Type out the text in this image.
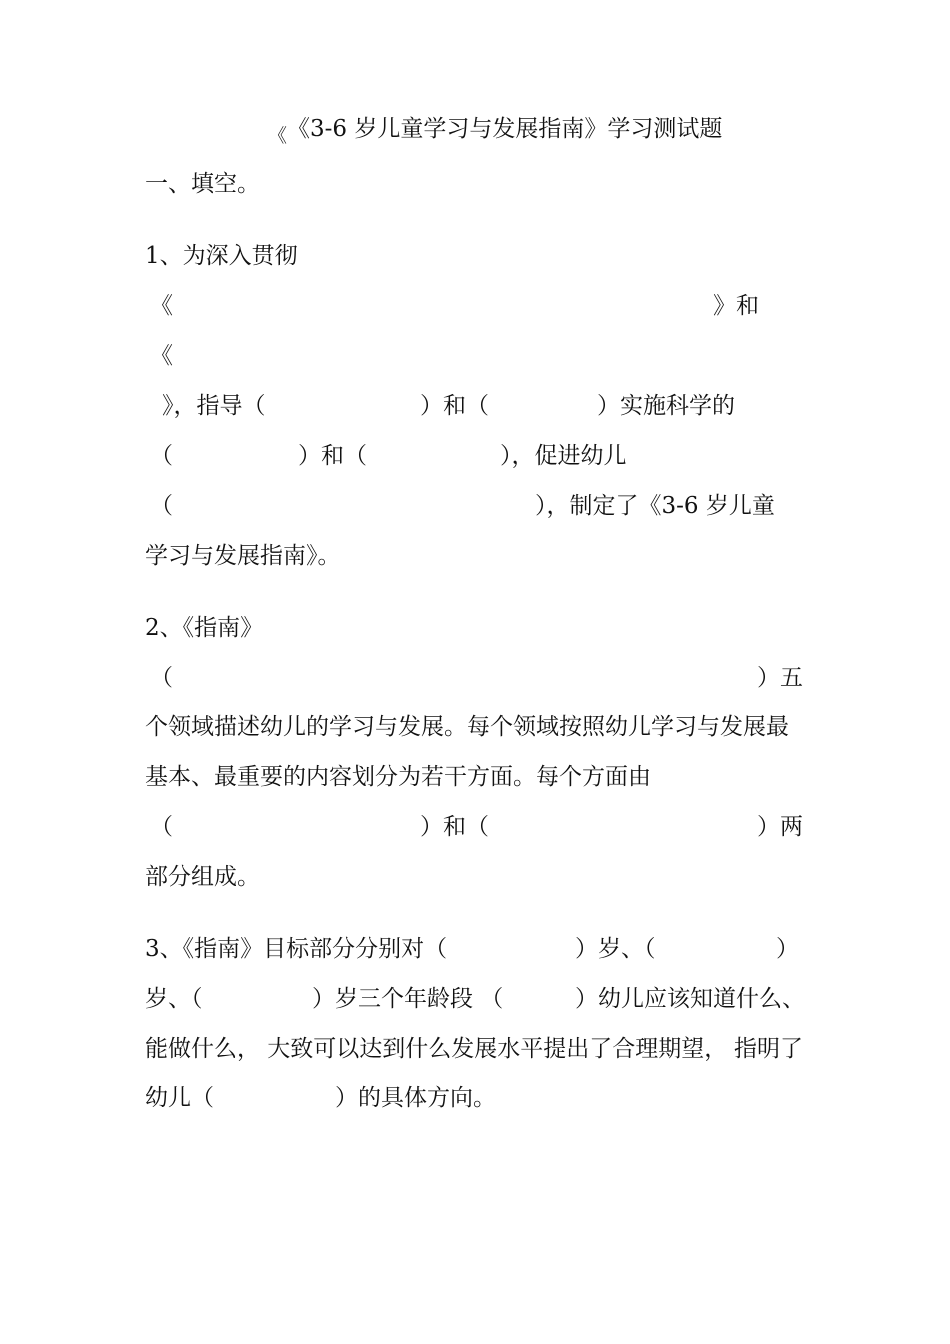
《 《3-6 岁儿童学习与发展指南》学习测试题
一、填空。
1、为深入贯彻
《	》和
《
》，指导（	）和（	）实施科学的
（	）和（	），促进幼儿
（	），制定了《3-6 岁儿童
学习与发展指南》。
2、《指南》
（	）五
个领域描述幼儿的学习与发展。每个领域按照幼儿学习与发展最
基本、最重要的内容划分为若干方面。每个方面由
（	）和（	）两
部分组成。
3、《指南》目标部分分别对（	）岁、（	）
岁、（	）岁三个年龄段 （	）幼儿应该知道什么、
能做什么， 大致可以达到什么发展水平提出了合理期望， 指明了
幼儿（	）的具体方向。
